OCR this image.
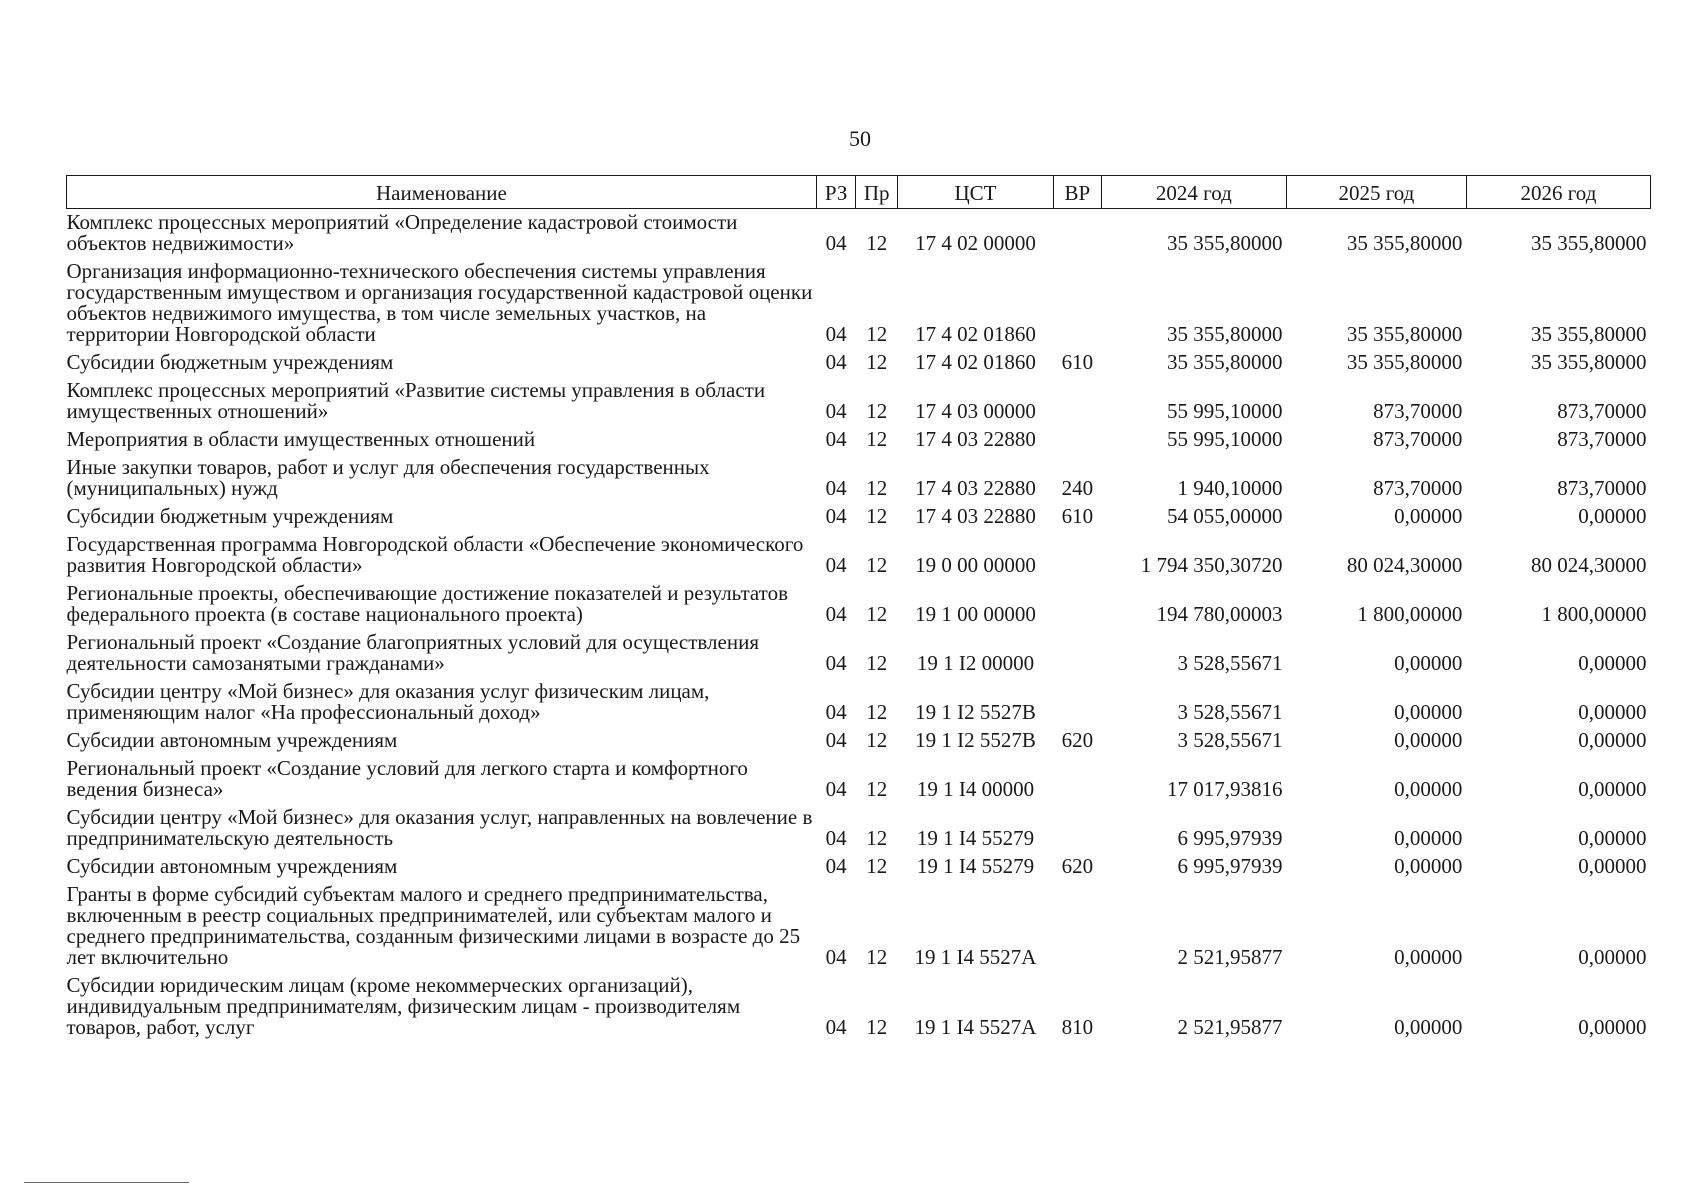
50
Наименование	РЗ	Пр	ЦСТ	ВР	2024 год	2025 год	2026 год
Комплекс процессных мероприятий «Определение кадастровой стоимости объектов недвижимости»	04	12	17 4 02 00000		35 355,80000	35 355,80000	35 355,80000
Организация информационно-технического обеспечения системы управления государственным имуществом и организация государственной кадастровой оценки объектов недвижимого имущества, в том числе земельных участков, на территории Новгородской области	04	12	17 4 02 01860		35 355,80000	35 355,80000	35 355,80000
Субсидии бюджетным учреждениям	04	12	17 4 02 01860	610	35 355,80000	35 355,80000	35 355,80000
Комплекс процессных мероприятий «Развитие системы управления в области имущественных отношений»	04	12	17 4 03 00000		55 995,10000	873,70000	873,70000
Мероприятия в области имущественных отношений	04	12	17 4 03 22880		55 995,10000	873,70000	873,70000
Иные закупки товаров, работ и услуг для обеспечения государственных (муниципальных) нужд	04	12	17 4 03 22880	240	1 940,10000	873,70000	873,70000
Субсидии бюджетным учреждениям	04	12	17 4 03 22880	610	54 055,00000	0,00000	0,00000
Государственная программа Новгородской области «Обеспечение экономического развития Новгородской области»	04	12	19 0 00 00000		1 794 350,30720	80 024,30000	80 024,30000
Региональные проекты, обеспечивающие достижение показателей и результатов федерального проекта (в составе национального проекта)	04	12	19 1 00 00000		194 780,00003	1 800,00000	1 800,00000
Региональный проект «Создание благоприятных условий для осуществления деятельности самозанятыми гражданами»	04	12	19 1 I2 00000		3 528,55671	0,00000	0,00000
Субсидии центру «Мой бизнес» для оказания услуг физическим лицам, применяющим налог «На профессиональный доход»	04	12	19 1 I2 5527B		3 528,55671	0,00000	0,00000
Субсидии автономным учреждениям	04	12	19 1 I2 5527B	620	3 528,55671	0,00000	0,00000
Региональный проект «Создание условий для легкого старта и комфортного ведения бизнеса»	04	12	19 1 I4 00000		17 017,93816	0,00000	0,00000
Субсидии центру «Мой бизнес» для оказания услуг, направленных на вовлечение в предпринимательскую деятельность	04	12	19 1 I4 55279		6 995,97939	0,00000	0,00000
Субсидии автономным учреждениям	04	12	19 1 I4 55279	620	6 995,97939	0,00000	0,00000
Гранты в форме субсидий субъектам малого и среднего предпринимательства, включенным в реестр социальных предпринимателей, или субъектам малого и среднего предпринимательства, созданным физическими лицами в возрасте до 25 лет включительно	04	12	19 1 I4 5527A		2 521,95877	0,00000	0,00000
Субсидии юридическим лицам (кроме некоммерческих организаций), индивидуальным предпринимателям, физическим лицам - производителям товаров, работ, услуг	04	12	19 1 I4 5527A	810	2 521,95877	0,00000	0,00000
